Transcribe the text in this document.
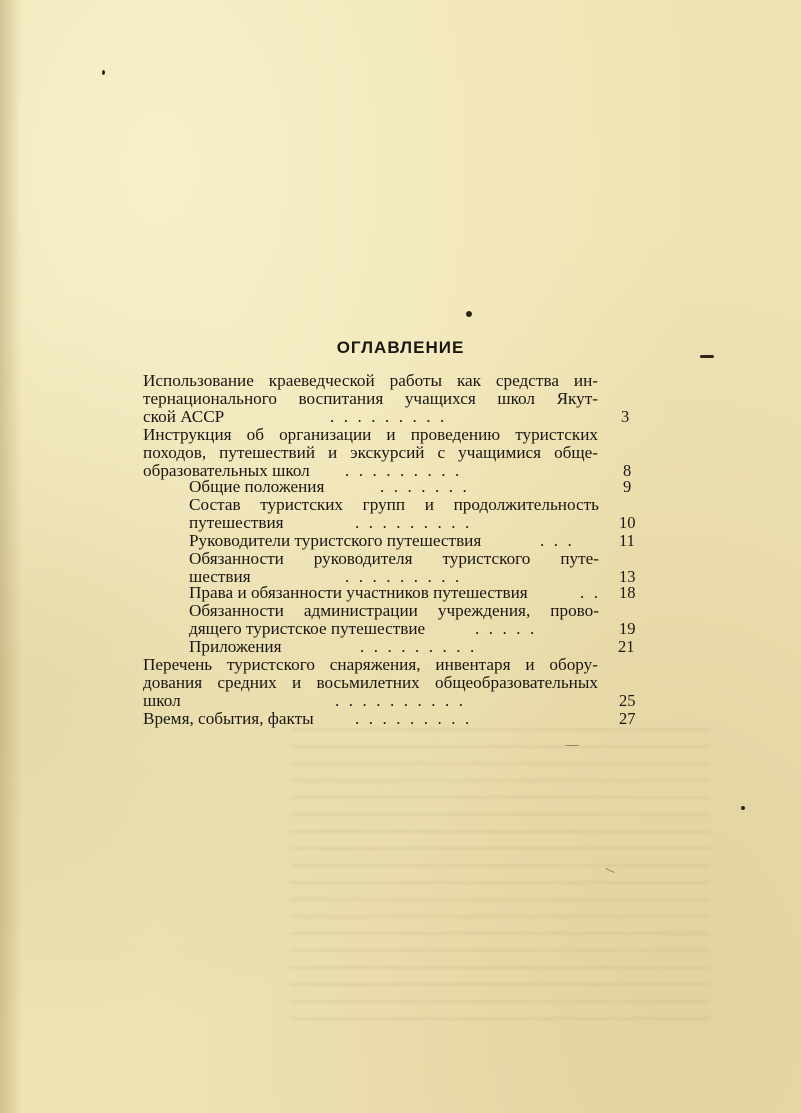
ОГЛАВЛЕНИЕ
Использование краеведческой работы как средства ин-
тернационального воспитания учащихся школ Якут-
ской АССР	.........	3
Инструкция об организации и проведению туристских
походов, путешествий и экскурсий с учащимися обще-
образовательных школ .........	8
Общие положения	.......	9
Состав туристских групп и продолжительность
путешествия	.........	10
Руководители туристского путешествия	... 11
Обязанности руководителя туристского путе-
шествия	.........	13
Права и обязанности участников путешествия	.. 18
Обязанности администрации учреждения, прово-
дящего туристское путешествие	.....	19
Приложения	.........	21
Перечень туристского снаряжения, инвентаря и обору-
дования средних и восьмилетних общеобразовательных
школ	..........	25
Время, события, факты .........	27
